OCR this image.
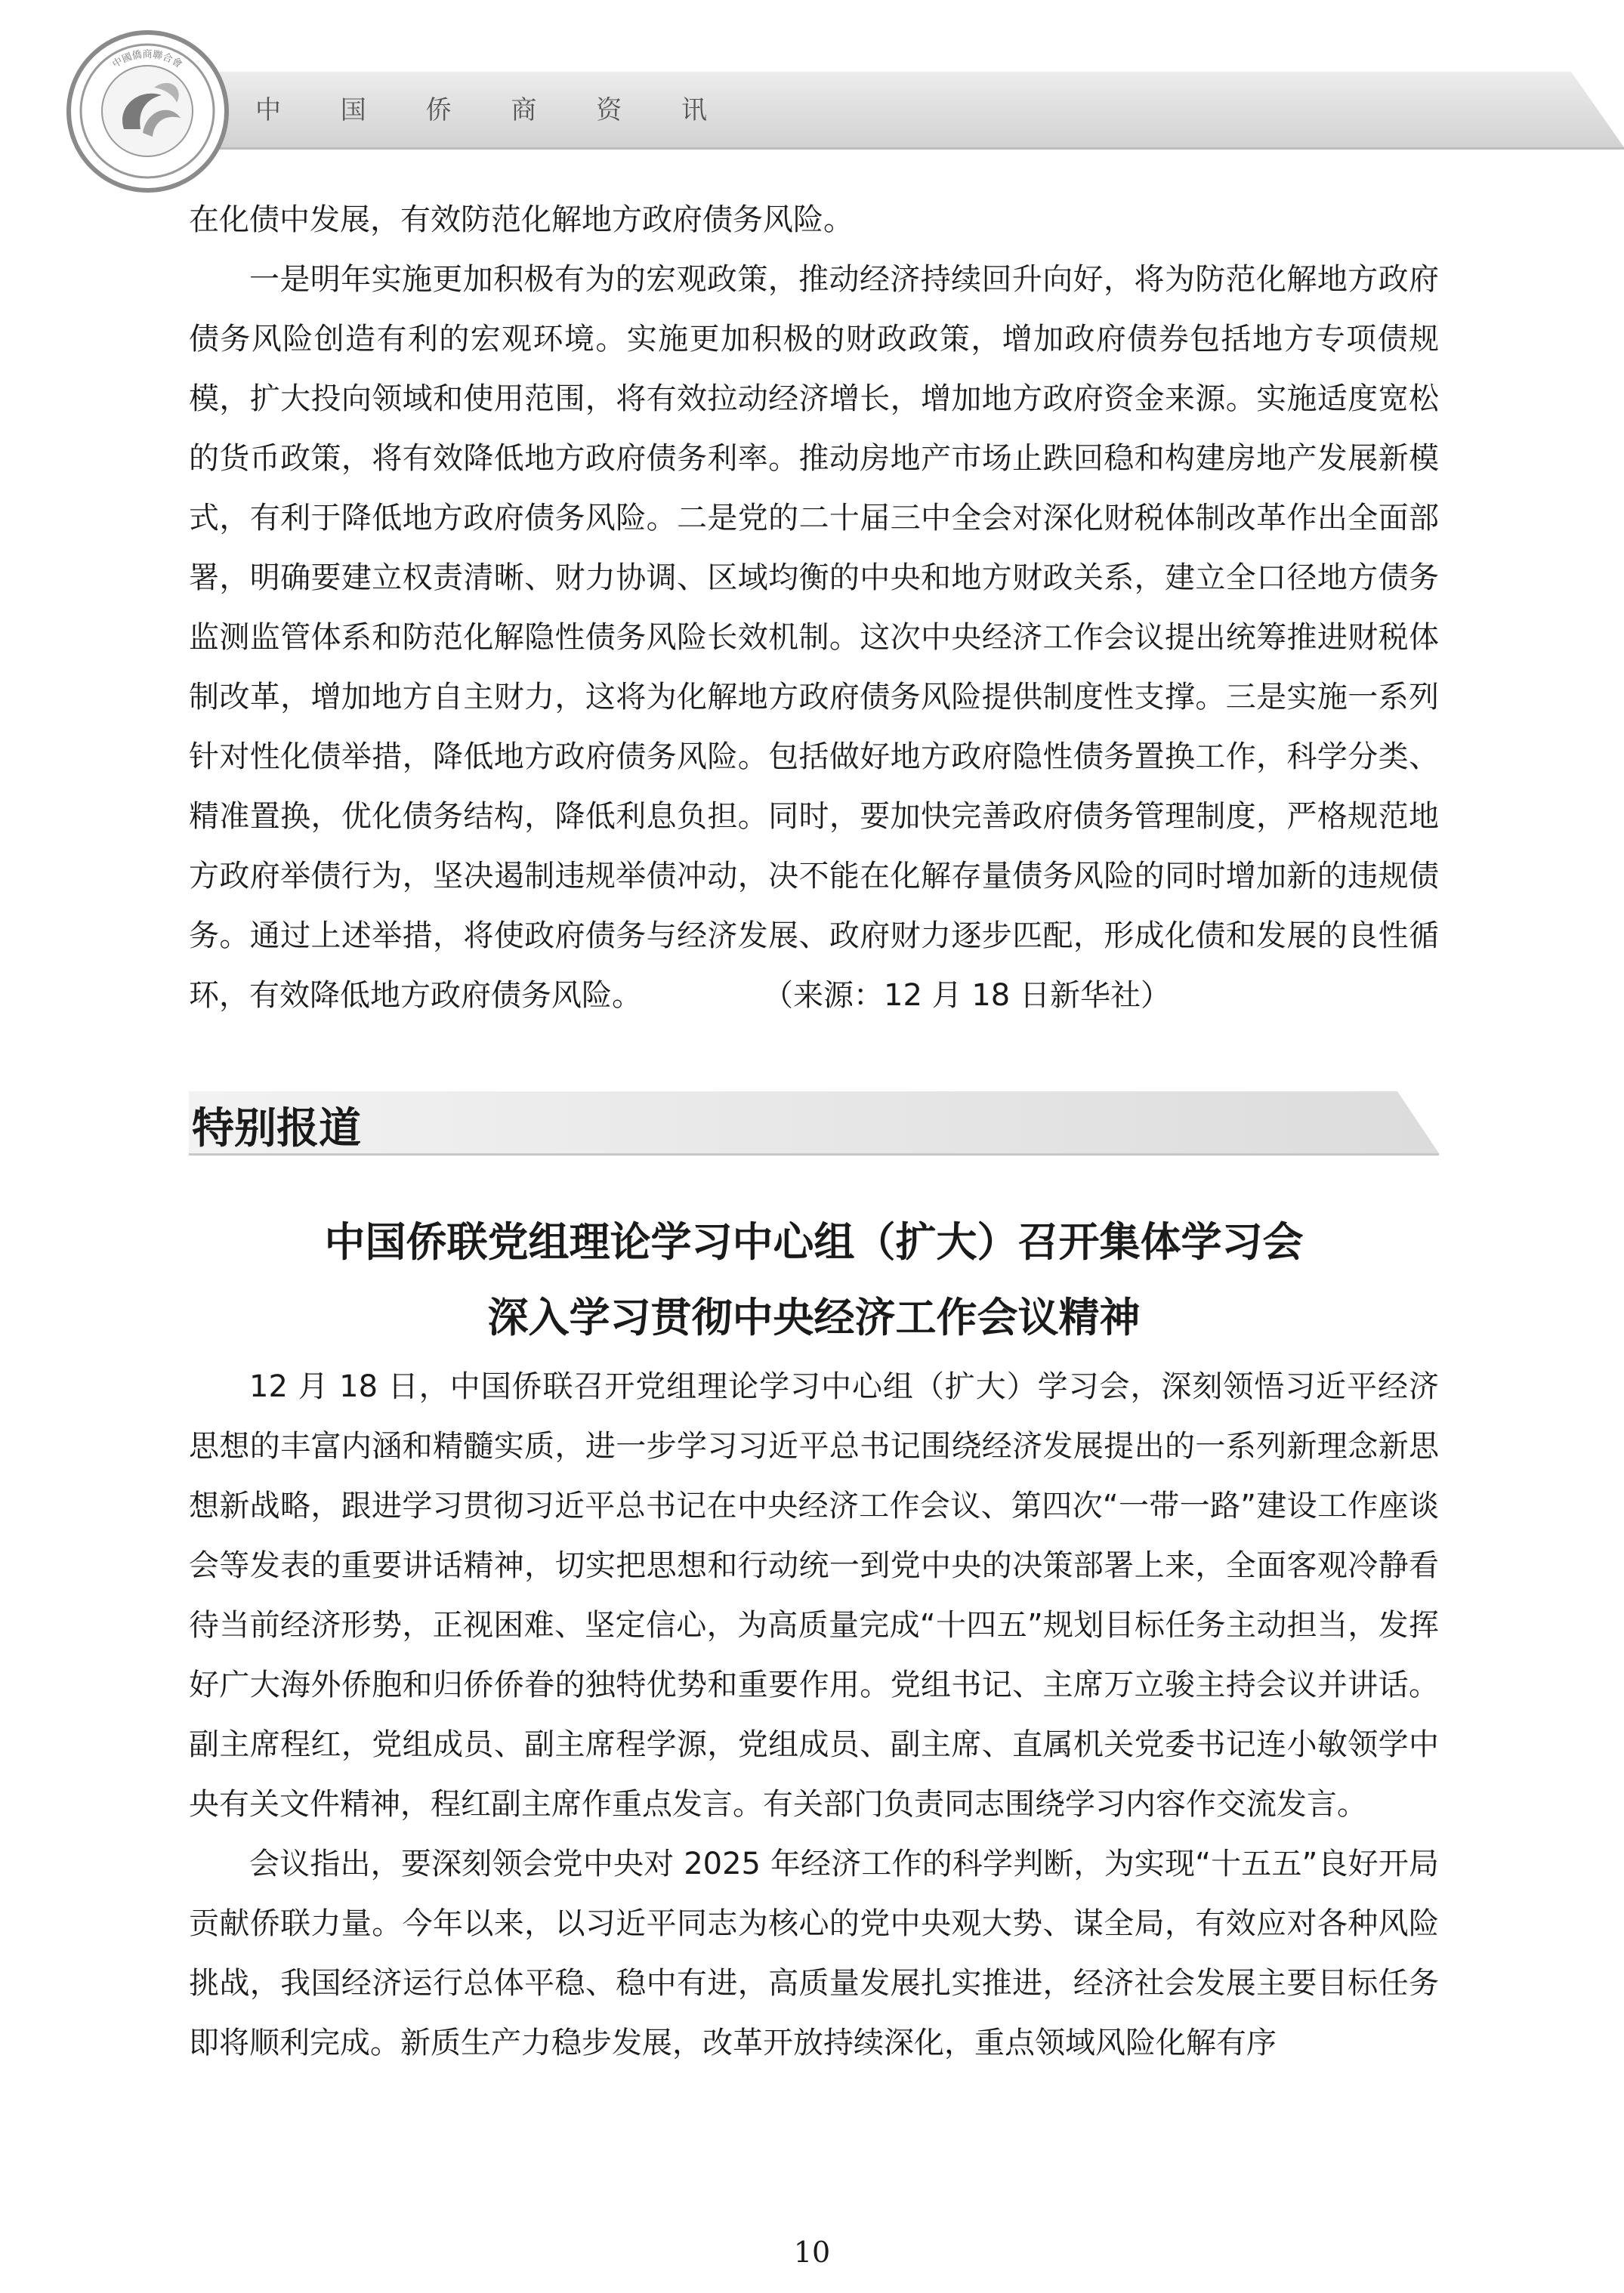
中國僑商聯合會
中 国 侨 商 资 讯

在化债中发展，有效防范化解地方政府债务风险。

一是明年实施更加积极有为的宏观政策，推动经济持续回升向好，将为防范化解地方政府债务风险创造有利的宏观环境。实施更加积极的财政政策，增加政府债券包括地方专项债规模，扩大投向领域和使用范围，将有效拉动经济增长，增加地方政府资金来源。实施适度宽松的货币政策，将有效降低地方政府债务利率。推动房地产市场止跌回稳和构建房地产发展新模式，有利于降低地方政府债务风险。二是党的二十届三中全会对深化财税体制改革作出全面部署，明确要建立权责清晰、财力协调、区域均衡的中央和地方财政关系，建立全口径地方债务监测监管体系和防范化解隐性债务风险长效机制。这次中央经济工作会议提出统筹推进财税体制改革，增加地方自主财力，这将为化解地方政府债务风险提供制度性支撑。三是实施一系列针对性化债举措，降低地方政府债务风险。包括做好地方政府隐性债务置换工作，科学分类、精准置换，优化债务结构，降低利息负担。同时，要加快完善政府债务管理制度，严格规范地方政府举债行为，坚决遏制违规举债冲动，决不能在化解存量债务风险的同时增加新的违规债务。通过上述举措，将使政府债务与经济发展、政府财力逐步匹配，形成化债和发展的良性循环，有效降低地方政府债务风险。	（来源：12 月 18 日新华社）

特别报道
中国侨联党组理论学习中心组（扩大）召开集体学习会
深入学习贯彻中央经济工作会议精神

12 月 18 日，中国侨联召开党组理论学习中心组（扩大）学习会，深刻领悟习近平经济思想的丰富内涵和精髓实质，进一步学习习近平总书记围绕经济发展提出的一系列新理念新思想新战略，跟进学习贯彻习近平总书记在中央经济工作会议、第四次“一带一路”建设工作座谈会等发表的重要讲话精神，切实把思想和行动统一到党中央的决策部署上来，全面客观冷静看待当前经济形势，正视困难、坚定信心，为高质量完成“十四五”规划目标任务主动担当，发挥好广大海外侨胞和归侨侨眷的独特优势和重要作用。党组书记、主席万立骏主持会议并讲话。副主席程红，党组成员、副主席程学源，党组成员、副主席、直属机关党委书记连小敏领学中央有关文件精神，程红副主席作重点发言。有关部门负责同志围绕学习内容作交流发言。

会议指出，要深刻领会党中央对 2025 年经济工作的科学判断，为实现“十五五”良好开局贡献侨联力量。今年以来，以习近平同志为核心的党中央观大势、谋全局，有效应对各种风险挑战，我国经济运行总体平稳、稳中有进，高质量发展扎实推进，经济社会发展主要目标任务即将顺利完成。新质生产力稳步发展，改革开放持续深化，重点领域风险化解有序

10
